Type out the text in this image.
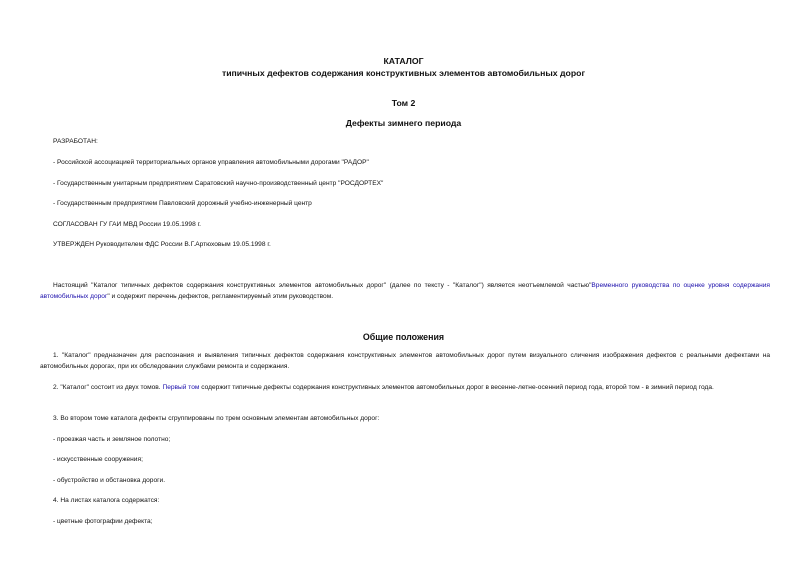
КАТАЛОГ
типичных дефектов содержания конструктивных элементов автомобильных дорог
Том 2
Дефекты зимнего периода
РАЗРАБОТАН:
- Российской ассоциацией территориальных органов управления автомобильными дорогами "РАДОР"
- Государственным унитарным предприятием Саратовский научно-производственный центр "РОСДОРТЕХ"
- Государственным предприятием Павловский дорожный учебно-инженерный центр
СОГЛАСОВАН ГУ ГАИ МВД России 19.05.1998 г.
УТВЕРЖДЕН Руководителем ФДС России В.Г.Артюховым 19.05.1998 г.
Настоящий "Каталог типичных дефектов содержания конструктивных элементов автомобильных дорог" (далее по тексту - "Каталог") является неотъемлемой частью"Временного руководства по оценке уровня содержания автомобильных дорог" и содержит перечень дефектов, регламентируемый этим руководством.
Общие положения
1. "Каталог" предназначен для распознания и выявления типичных дефектов содержания конструктивных элементов автомобильных дорог путем визуального сличения изображения дефектов с реальными дефектами на автомобильных дорогах, при их обследовании службами ремонта и содержания.
2. "Каталог" состоит из двух томов. Первый том содержит типичные дефекты содержания конструктивных элементов автомобильных дорог в весенне-летне-осенний период года, второй том - в зимний период года.
3. Во втором томе каталога дефекты сгруппированы по трем основным элементам автомобильных дорог:
- проезжая часть и земляное полотно;
- искусственные сооружения;
- обустройство и обстановка дороги.
4. На листах каталога содержатся:
- цветные фотографии дефекта;
